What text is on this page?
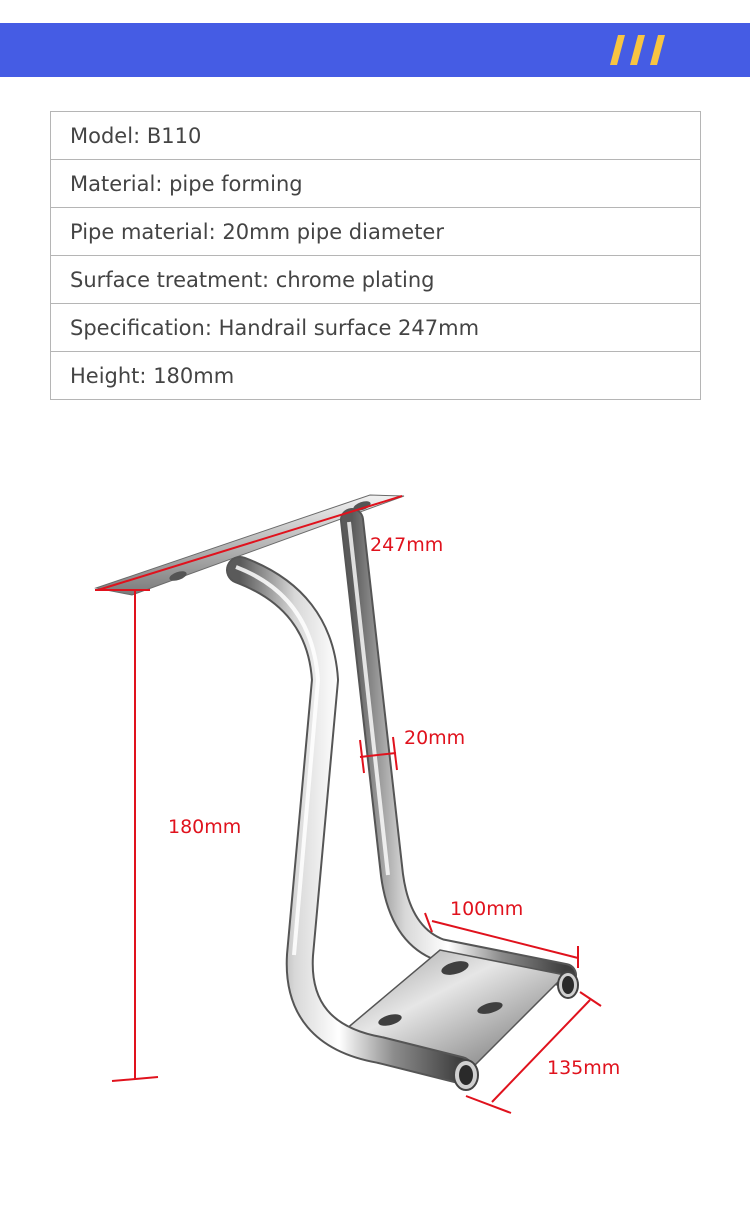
Model : B110
Material : pipe forming
Pipe material : 20mm pipe diameter
Surface treatment : chrome plating
Specification : Handrail surface 247mm
Height : 180mm
247mm
20mm
180mm
100mm
135mm
